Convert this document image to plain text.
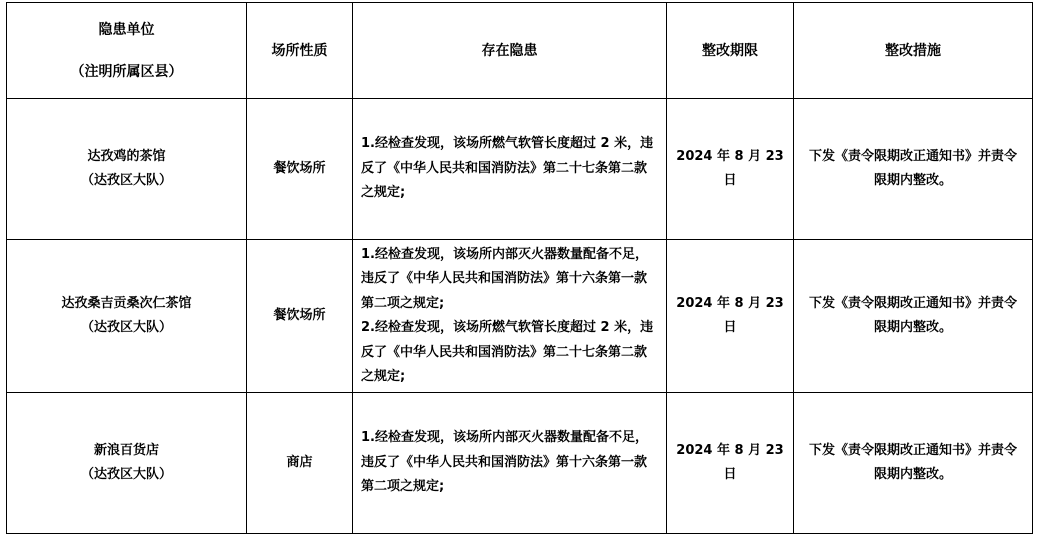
隐患单位
（注明所属区县）	场所性质	存在隐患	整改期限	整改措施

达孜鸡的茶馆
（达孜区大队）	餐饮场所	1.经检查发现，该场所燃气软管长度超过 2 米，违反了《中华人民共和国消防法》第二十七条第二款之规定;	2024 年 8 月 23 日	下发《责令限期改正通知书》并责令限期内整改。

达孜桑吉贡桑次仁茶馆
（达孜区大队）	餐饮场所	1.经检查发现，该场所内部灭火器数量配备不足，违反了《中华人民共和国消防法》第十六条第一款第二项之规定;
2.经检查发现，该场所燃气软管长度超过 2 米，违反了《中华人民共和国消防法》第二十七条第二款之规定;	2024 年 8 月 23 日	下发《责令限期改正通知书》并责令限期内整改。

新浪百货店
（达孜区大队）	商店	1.经检查发现，该场所内部灭火器数量配备不足，违反了《中华人民共和国消防法》第十六条第一款第二项之规定;	2024 年 8 月 23 日	下发《责令限期改正通知书》并责令限期内整改。
